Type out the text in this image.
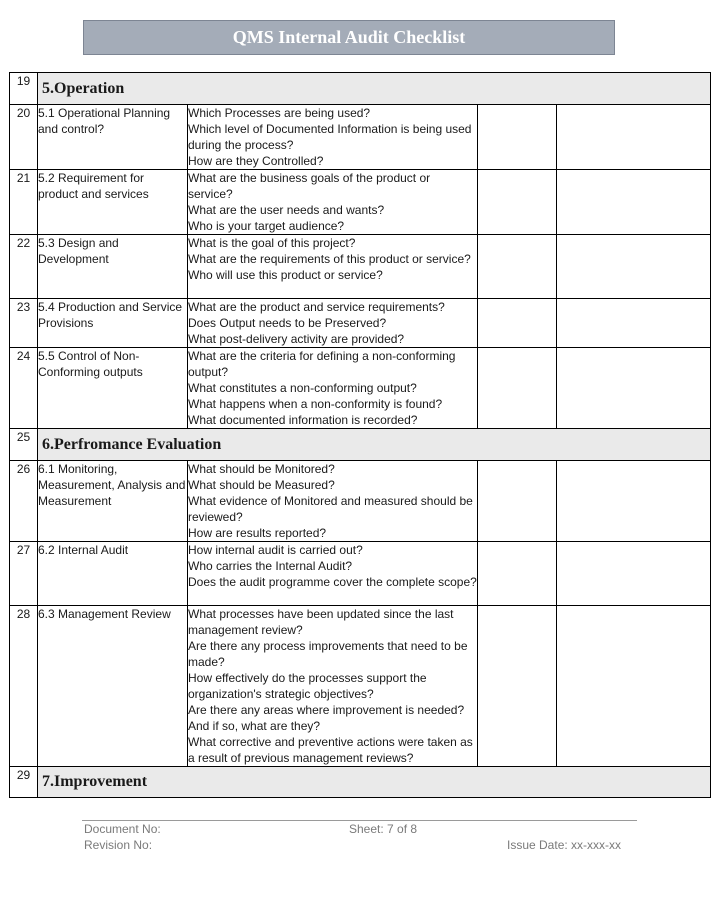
QMS Internal Audit Checklist
19	5.Operation			
20	5.1 Operational Planning and control?	Which Processes are being used?
Which level of Documented Information is being used during the process?
How are they Controlled?		

21	5.2 Requirement for product and services	What are the business goals of the product or service?
What are the user needs and wants?
Who is your target audience?		

22	5.3 Design and Development	What is the goal of this project?
What are the requirements of this product or service?
Who will use this product or service?		

23	5.4 Production and Service Provisions	What are the product and service requirements?
Does Output needs to be Preserved?
What post-delivery activity are provided?		

24	5.5 Control of Non-Conforming outputs	What are the criteria for defining a non-conforming output?
What constitutes a non-conforming output?
What happens when a non-conformity is found?
What documented information is recorded?		

25	6.Perfromance Evaluation			
26	6.1 Monitoring, Measurement, Analysis and Measurement	What should be Monitored?
What should be Measured?
What evidence of Monitored and measured should be reviewed?
How are results reported?		

27	6.2 Internal Audit	How internal audit is carried out?
Who carries the Internal Audit?
Does the audit programme cover the complete scope?		

28	6.3 Management Review	What processes have been updated since the last management review?
Are there any process improvements that need to be made?
How effectively do the processes support the organization's strategic objectives?
Are there any areas where improvement is needed? And if so, what are they?
What corrective and preventive actions were taken as a result of previous management reviews?		

29	7.Improvement			
Document No:
Revision No:
Sheet: 7 of 8
Issue Date: xx-xxx-xx
